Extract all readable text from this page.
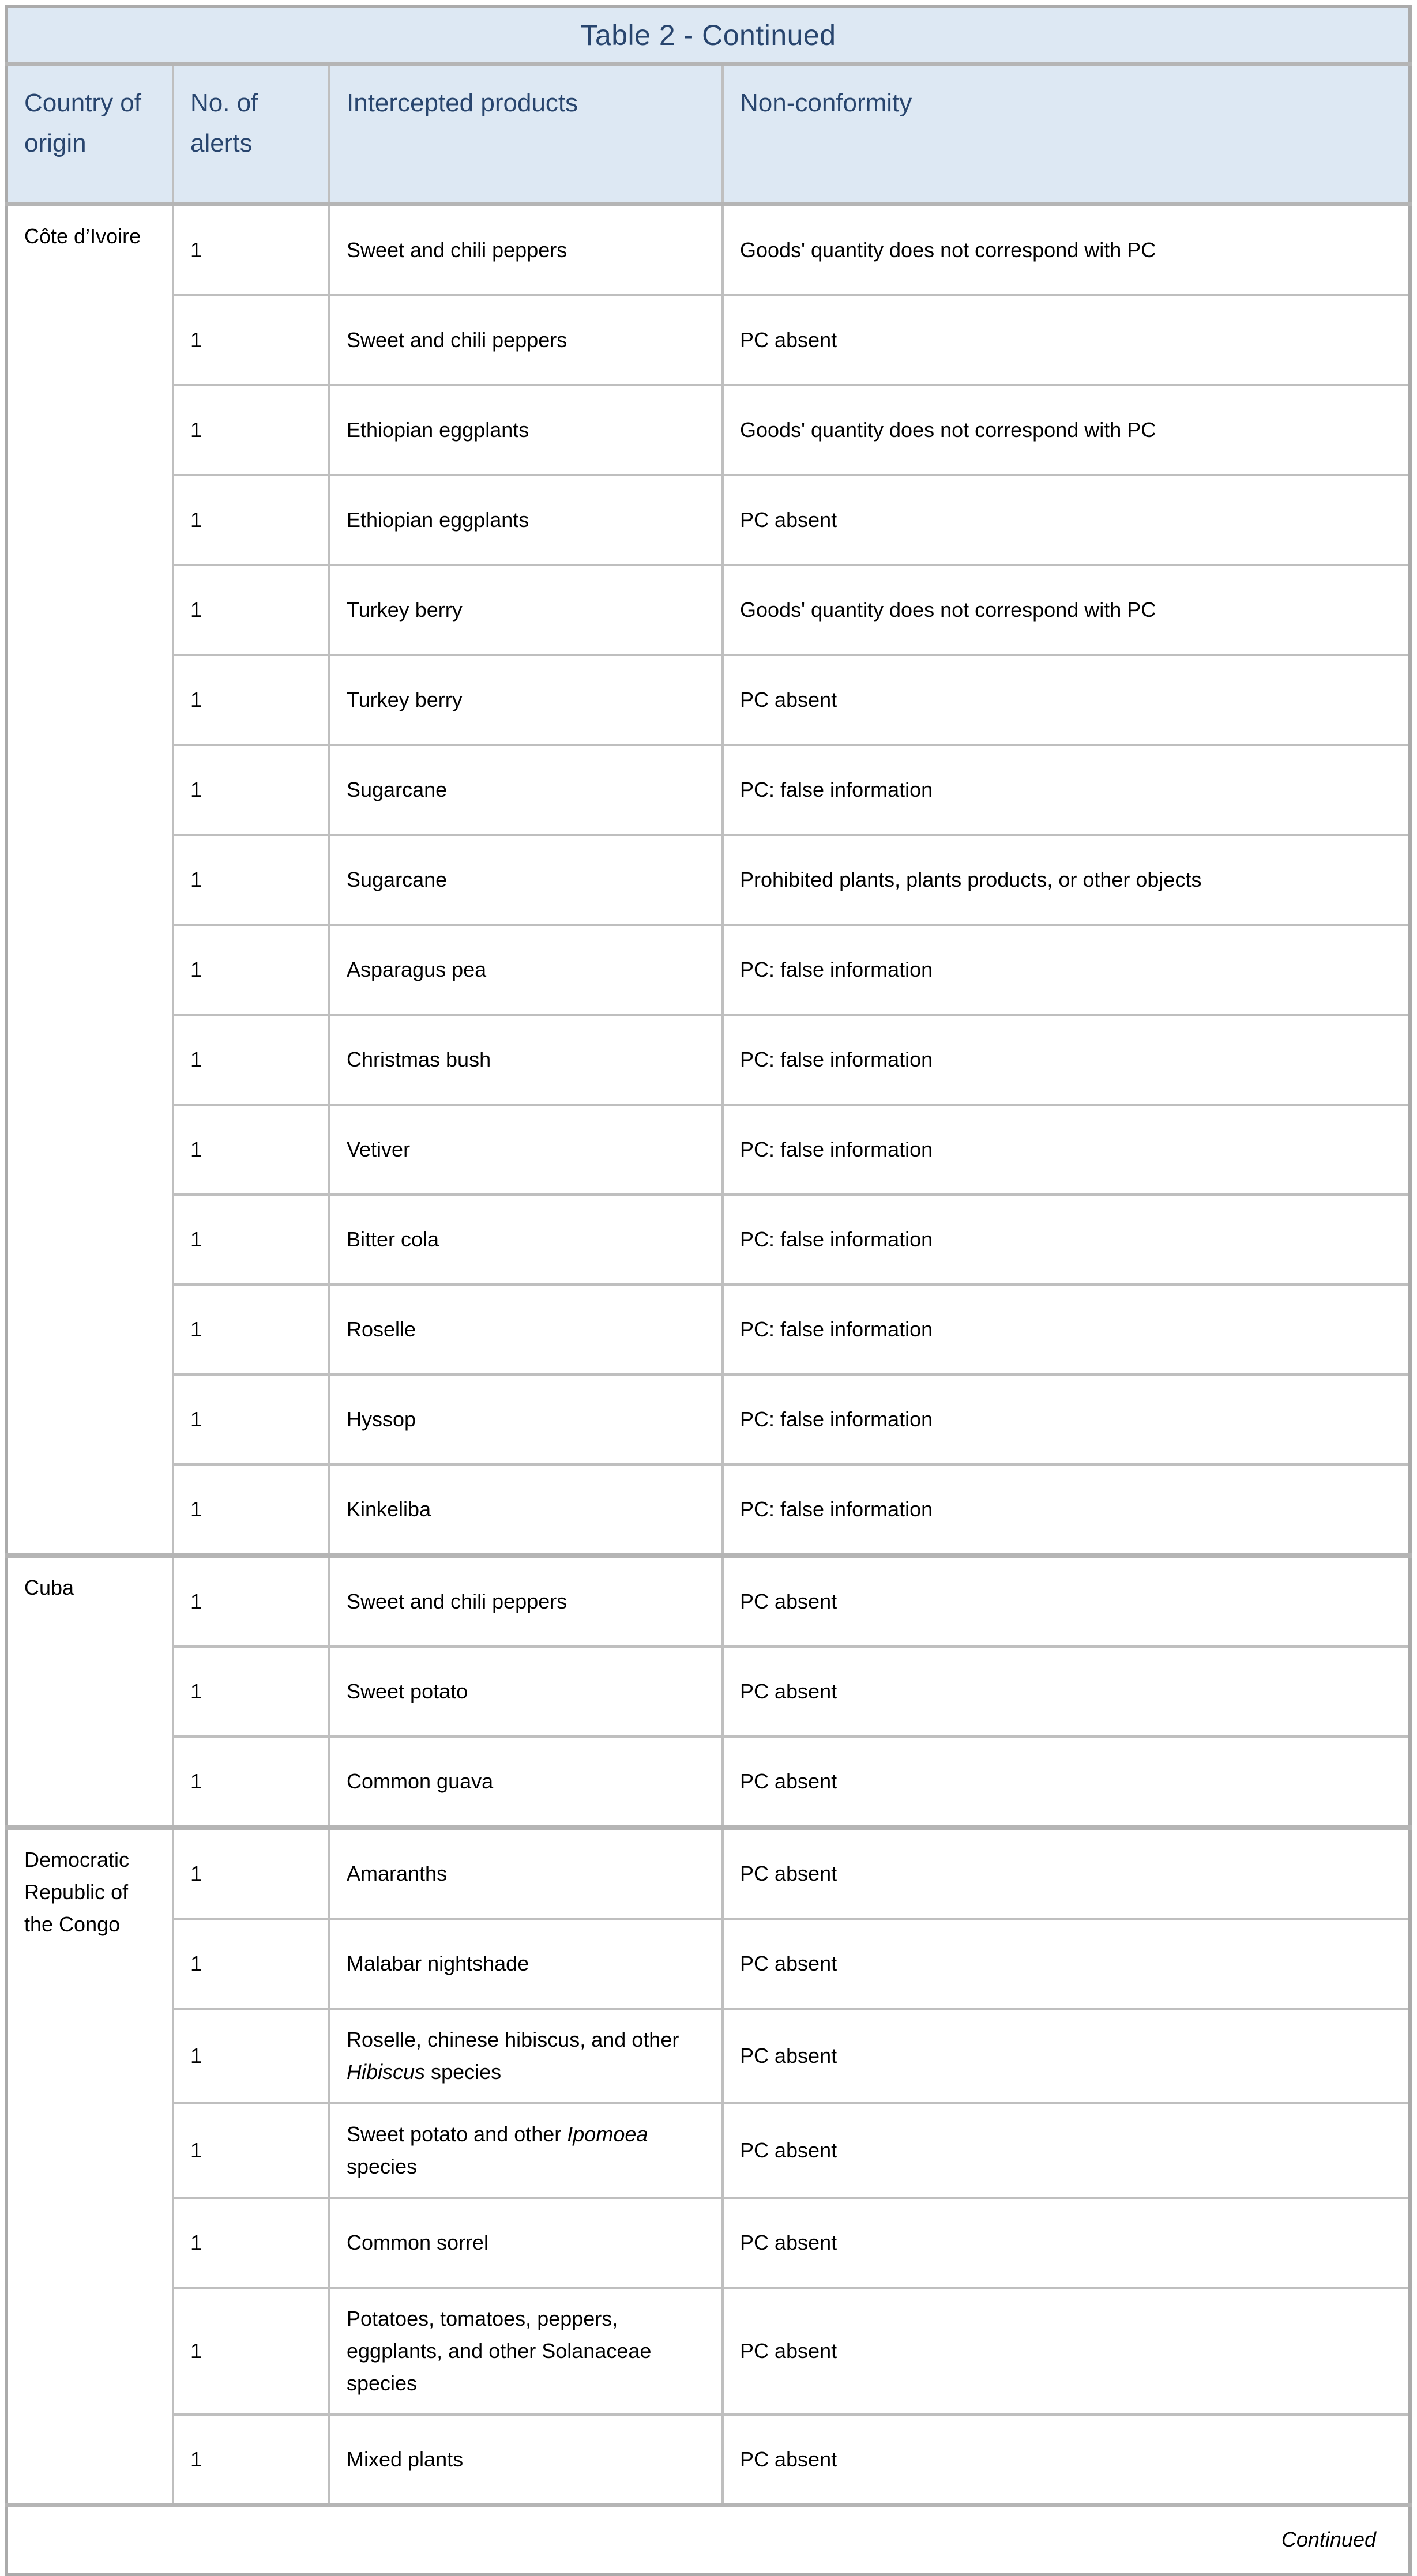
Table 2 - Continued			
Country of origin	No. of alerts	Intercepted products	Non-conformity
Côte d’Ivoire	1	Sweet and chili peppers	Goods' quantity does not correspond with PC
	1	Sweet and chili peppers	PC absent
	1	Ethiopian eggplants	Goods' quantity does not correspond with PC
	1	Ethiopian eggplants	PC absent
	1	Turkey berry	Goods' quantity does not correspond with PC
	1	Turkey berry	PC absent
	1	Sugarcane	PC: false information
	1	Sugarcane	Prohibited plants, plants products, or other objects
	1	Asparagus pea	PC: false information
	1	Christmas bush	PC: false information
	1	Vetiver	PC: false information
	1	Bitter cola	PC: false information
	1	Roselle	PC: false information
	1	Hyssop	PC: false information
	1	Kinkeliba	PC: false information
Cuba	1	Sweet and chili peppers	PC absent
	1	Sweet potato	PC absent
	1	Common guava	PC absent
Democratic Republic of the Congo	1	Amaranths	PC absent
	1	Malabar nightshade	PC absent
	1	Roselle, chinese hibiscus, and other Hibiscus species	PC absent
	1	Sweet potato and other Ipomoea species	PC absent
	1	Common sorrel	PC absent
	1	Potatoes, tomatoes, peppers, eggplants, and other Solanaceae species	PC absent
	1	Mixed plants	PC absent
Continued			
